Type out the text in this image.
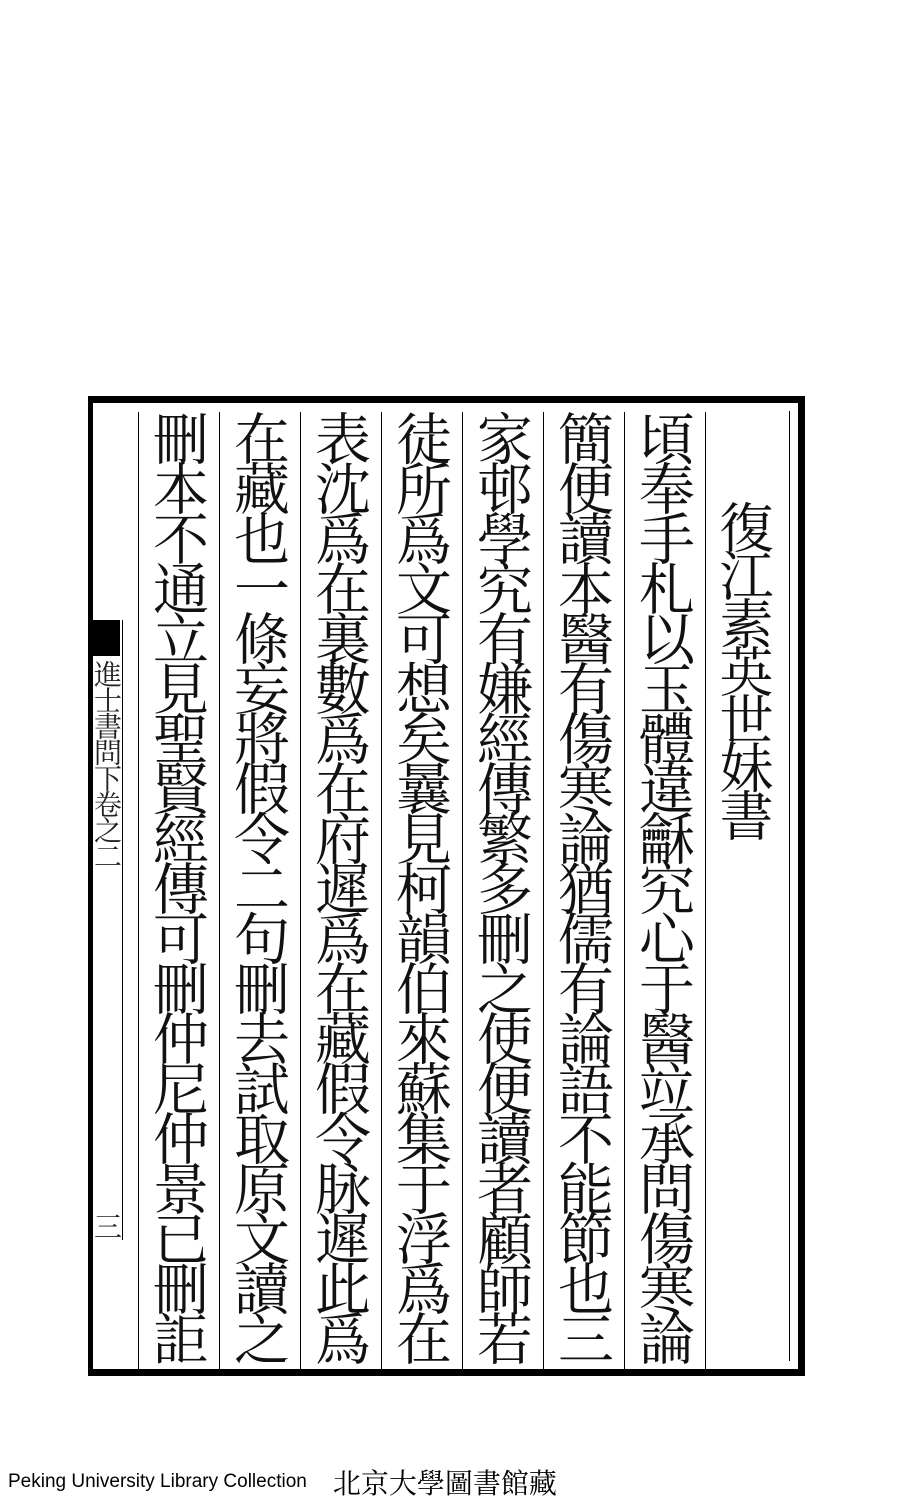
進士書問下卷之二
三
復江素英世妹書
頃奉手札以玉體違龢究心于醫竝承問傷寒論
簡便讀本醫有傷寒論猶儒有論語不能節也三
家邨學究有嫌經傳繁多刪之使便讀者顧師若
徒所爲文可想矣曩見柯韻伯來蘇集于浮爲在
表沈爲在裏數爲在府遲爲在藏假令脉遲此爲
在藏也一條妄將假令二句刪去試取原文讀之
刪本不通立見聖賢經傳可刪仲尼仲景已刪詎
Peking University Library Collection 北京大學圖書館藏
